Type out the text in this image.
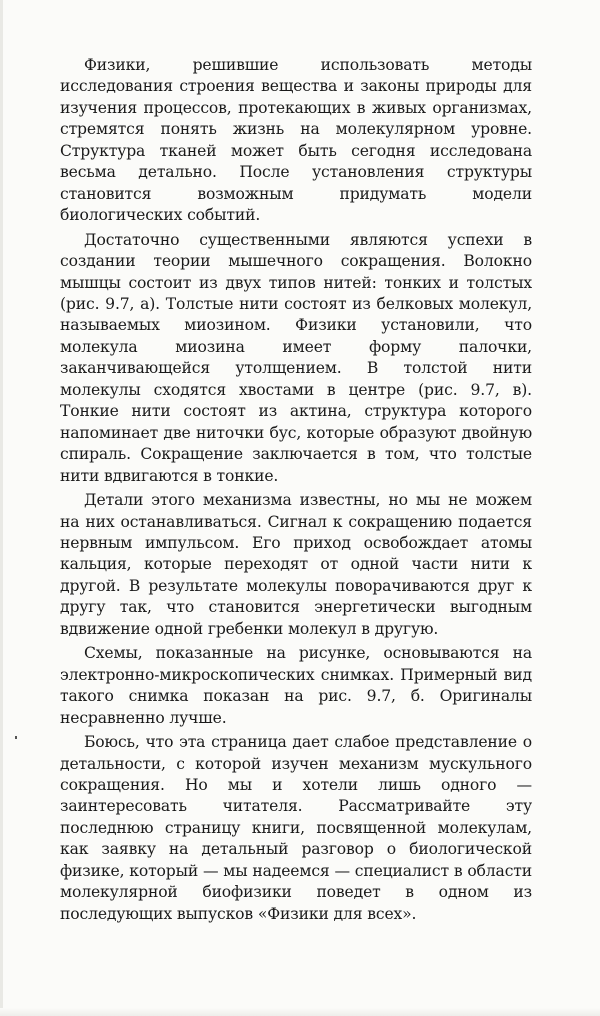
Физики, решившие использовать методы исследования строения вещества и законы природы для изучения процессов, протекающих в живых организмах, стремятся понять жизнь на молекулярном уровне. Структура тканей может быть сегодня исследована весьма детально. После установления структуры становится возможным придумать модели биологических событий.

Достаточно существенными являются успехи в создании теории мышечного сокращения. Волокно мышцы состоит из двух типов нитей: тонких и толстых (рис. 9.7, а). Толстые нити состоят из белковых молекул, называемых миозином. Физики установили, что молекула миозина имеет форму палочки, заканчивающейся утолщением. В толстой нити молекулы сходятся хвостами в центре (рис. 9.7, в). Тонкие нити состоят из актина, структура которого напоминает две ниточки бус, которые образуют двойную спираль. Сокращение заключается в том, что толстые нити вдвигаются в тонкие.

Детали этого механизма известны, но мы не можем на них останавливаться. Сигнал к сокращению подается нервным импульсом. Его приход освобождает атомы кальция, которые переходят от одной части нити к другой. В результате молекулы поворачиваются друг к другу так, что становится энергетически выгодным вдвижение одной гребенки молекул в другую.

Схемы, показанные на рисунке, основываются на электронно-микроскопических снимках. Примерный вид такого снимка показан на рис. 9.7, б. Оригиналы несравненно лучше.

Боюсь, что эта страница дает слабое представление о детальности, с которой изучен механизм мускульного сокращения. Но мы и хотели лишь одного — заинтересовать читателя. Рассматривайте эту последнюю страницу книги, посвященной молекулам, как заявку на детальный разговор о биологической физике, который — мы надеемся — специалист в области молекулярной биофизики поведет в одном из последующих выпусков «Физики для всех».
